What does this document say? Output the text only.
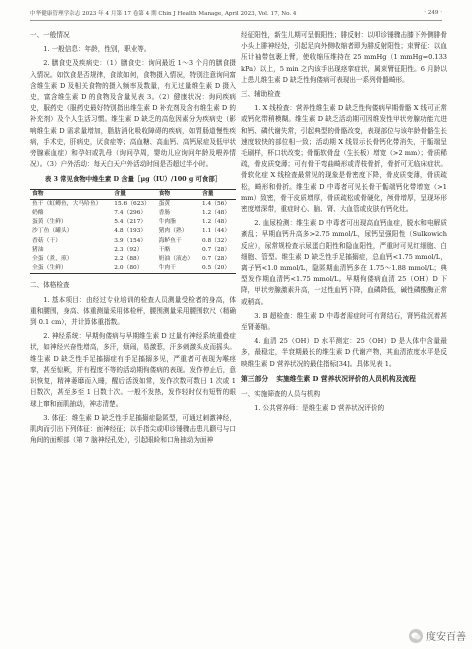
中华健康管理学杂志 2023 年 4 月第 17 卷第 4 期 Chin J Health Manage, April 2023, Vol. 17, No. 4	· 249 ·
一、一般情况
1. 一般信息：年龄，性别，职业等。
2. 膳食史及疾病史：（1）膳食史：询问最近 1～3 个月的膳食摄入情况。如饮食是否规律，食欲如何，食物摄入情况，特别注意询问富含维生素 D 及相关食物的摄入频率及数量，有无过量维生素 D 摄入史，富含维生素 D 的食物及含量见表 3。（2）健康状况：询问疾病史，服药史（服药史最好特别指出维生素 D 补充剂及含有维生素 D 的补充剂）及个人生活习惯。维生素 D 缺乏的高危因素分为疾病史（影响维生素 D 需求量增加，脂肪消化吸收障碍的疾病，如胃肠道慢性疾病，手术史，肝病史，厌食症等；高血糖、高血钙、高钙尿症及低甲状旁腺素血症）和孕妇或乳母（询问孕周，婴幼儿应询问年龄及喂养情况）。（3）户外活动：每天白天户外活动时间是否超过半小时。
表 3 常见食物中维生素 D 含量［μg（IU）/100 g 可食部］
食物	含量	食物	含量
鱼干（虹鳟鱼，大马哈鱼）	15.6（623）	蛋黄	1.4（56）
奶酪	7.4（296）	香肠	1.2（48）
蛋黄（生鲜）	5.4（217）	牛肉脂	1.2（48）
沙丁鱼（罐头）	4.8（193）	猪肉（熟）	1.1（44）
香菇（干）	3.9（154）	海鲈鱼干	0.8（32）
猪油	2.3（92）	干酪	0.7（28）
全蛋（煮，煎）	2.2（88）	奶油（液态）	0.7（28）
全蛋（生鲜）	2.0（80）	牛肉干	0.5（20）
二、体格检查
1. 基本项目：由经过专业培训的检查人员测量受检者的身高，体重和腰围，身高、体重测量采用体检秤，腰围测量采用腰围软尺（精确到 0.1 cm），并计算体重指数。
2. 神经系统：早期佝偻病与早期维生素 D 过量有神经系统重叠症状，如神经兴奋性增高，多汗，烦闹，易激惹，汗多刺激头皮而摇头。维生素 D 缺乏性手足搐搦症有手足搐搦多见，严重者可表现为喉痉挛，甚至惊厥，并有程度不等的活动期佝偻病的表现。发作停止后，意识恢复，精神萎靡而入睡，醒后活泼如常，发作次数可数日 1 次或 1 日数次，甚至多至 1 日数十次。一般不发热，发作轻时仅有短暂的眼球上窜和面肌抽动，神志清楚。
3. 体征：维生素 D 缺乏性手足搐搦症隐匿型，可通过刺激神经，肌肉而引出下列体征：面神经征；以手指尖或叩诊锤骤击患儿颧弓与口角间的面颊部（第 7 脑神经孔处），引起眼睑和口角抽动为面神
经征阳性，新生儿期可呈假阳性；腓反射：以叩诊锤骤击膝下外侧腓骨小头上腓神经处，引起足向外侧收缩者即为腓反射阳性；束臂征：以血压计袖带包裹上臂，使收缩压维持在 25 mmHg（1 mmHg=0.133 kPa）以上，5 min 之内该手出现痉挛症状，属束臂征阳性。6 月龄以上患儿维生素 D 缺乏性佝偻病可表现出一系列骨骼畸形。
三、辅助检查
1. X 线检查：营养性维生素 D 缺乏性佝偻病早期骨骼 X 线可正常或钙化带稍模糊。维生素 D 缺乏活动期可因维发性甲状旁腺功能亢进和钙、磷代谢失常，引起典型的骨骼改变，表现部位与该年龄骨骼生长速度较快的部位相一致；活动期 X 线显示长骨钙化带消失，干骺端呈毛刷样，杯口状改变；骨骺软骨盘（生长板）增宽（>2 mm）；骨质稀疏，骨皮质变薄；可有骨干弯曲畸形或青枝骨折，骨折可无临床症状。骨软化症 X 线检查最常见的现象是骨密度下降，骨皮质变薄，骨质疏松，畸形和骨折。维生素 D 中毒者可见长骨干骺端钙化带增宽（>1 mm）致密，骨干皮质增厚，骨质疏松或骨硬化，颅骨增厚，呈现环形密度增深带，重症时心、脑、肾、大血管或皮肤有钙化灶。
2. 血尿检测：维生素 D 中毒者可出现高血钙血症，脱水和电解质紊乱；早期血钙升高多>2.75 mmol/L，尿钙呈强阳性（Sulkowich 反应），尿常规检查示尿蛋白阳性和隐血阳性，严重时可见红细胞、白细胞、管型。维生素 D 缺乏性手足搐搦症，总血钙<1.75 mmol/L，离子钙<1.0 mmol/L，隐匿期血清钙多在 1.75～1.88 mmol/L；典型发作期血清钙<1.75 mmol/L。早期佝偻病血清 25（OH）D 下降，甲状旁腺激素升高，一过性血钙下降，血磷降低，碱性磷酸酶正常或稍高。
3. B 超检查：维生素 D 中毒者需症时可有肾结石，肾钙盐沉着甚至肾萎缩。
4. 血清 25（OH）D 水平测定：25（OH）D 是人体中含量最多，最稳定，半衰期最长的维生素 D 代谢产物，其血清浓度水平是反映维生素 D 营养状况的最佳指标[34]。具体见表 1。
第三部分 实施维生素 D 营养状况评价的人员机构及流程
一、实施筛查的人员与机构
1. 公共营养师：是维生素 D 营养状况评价的
度安百善
